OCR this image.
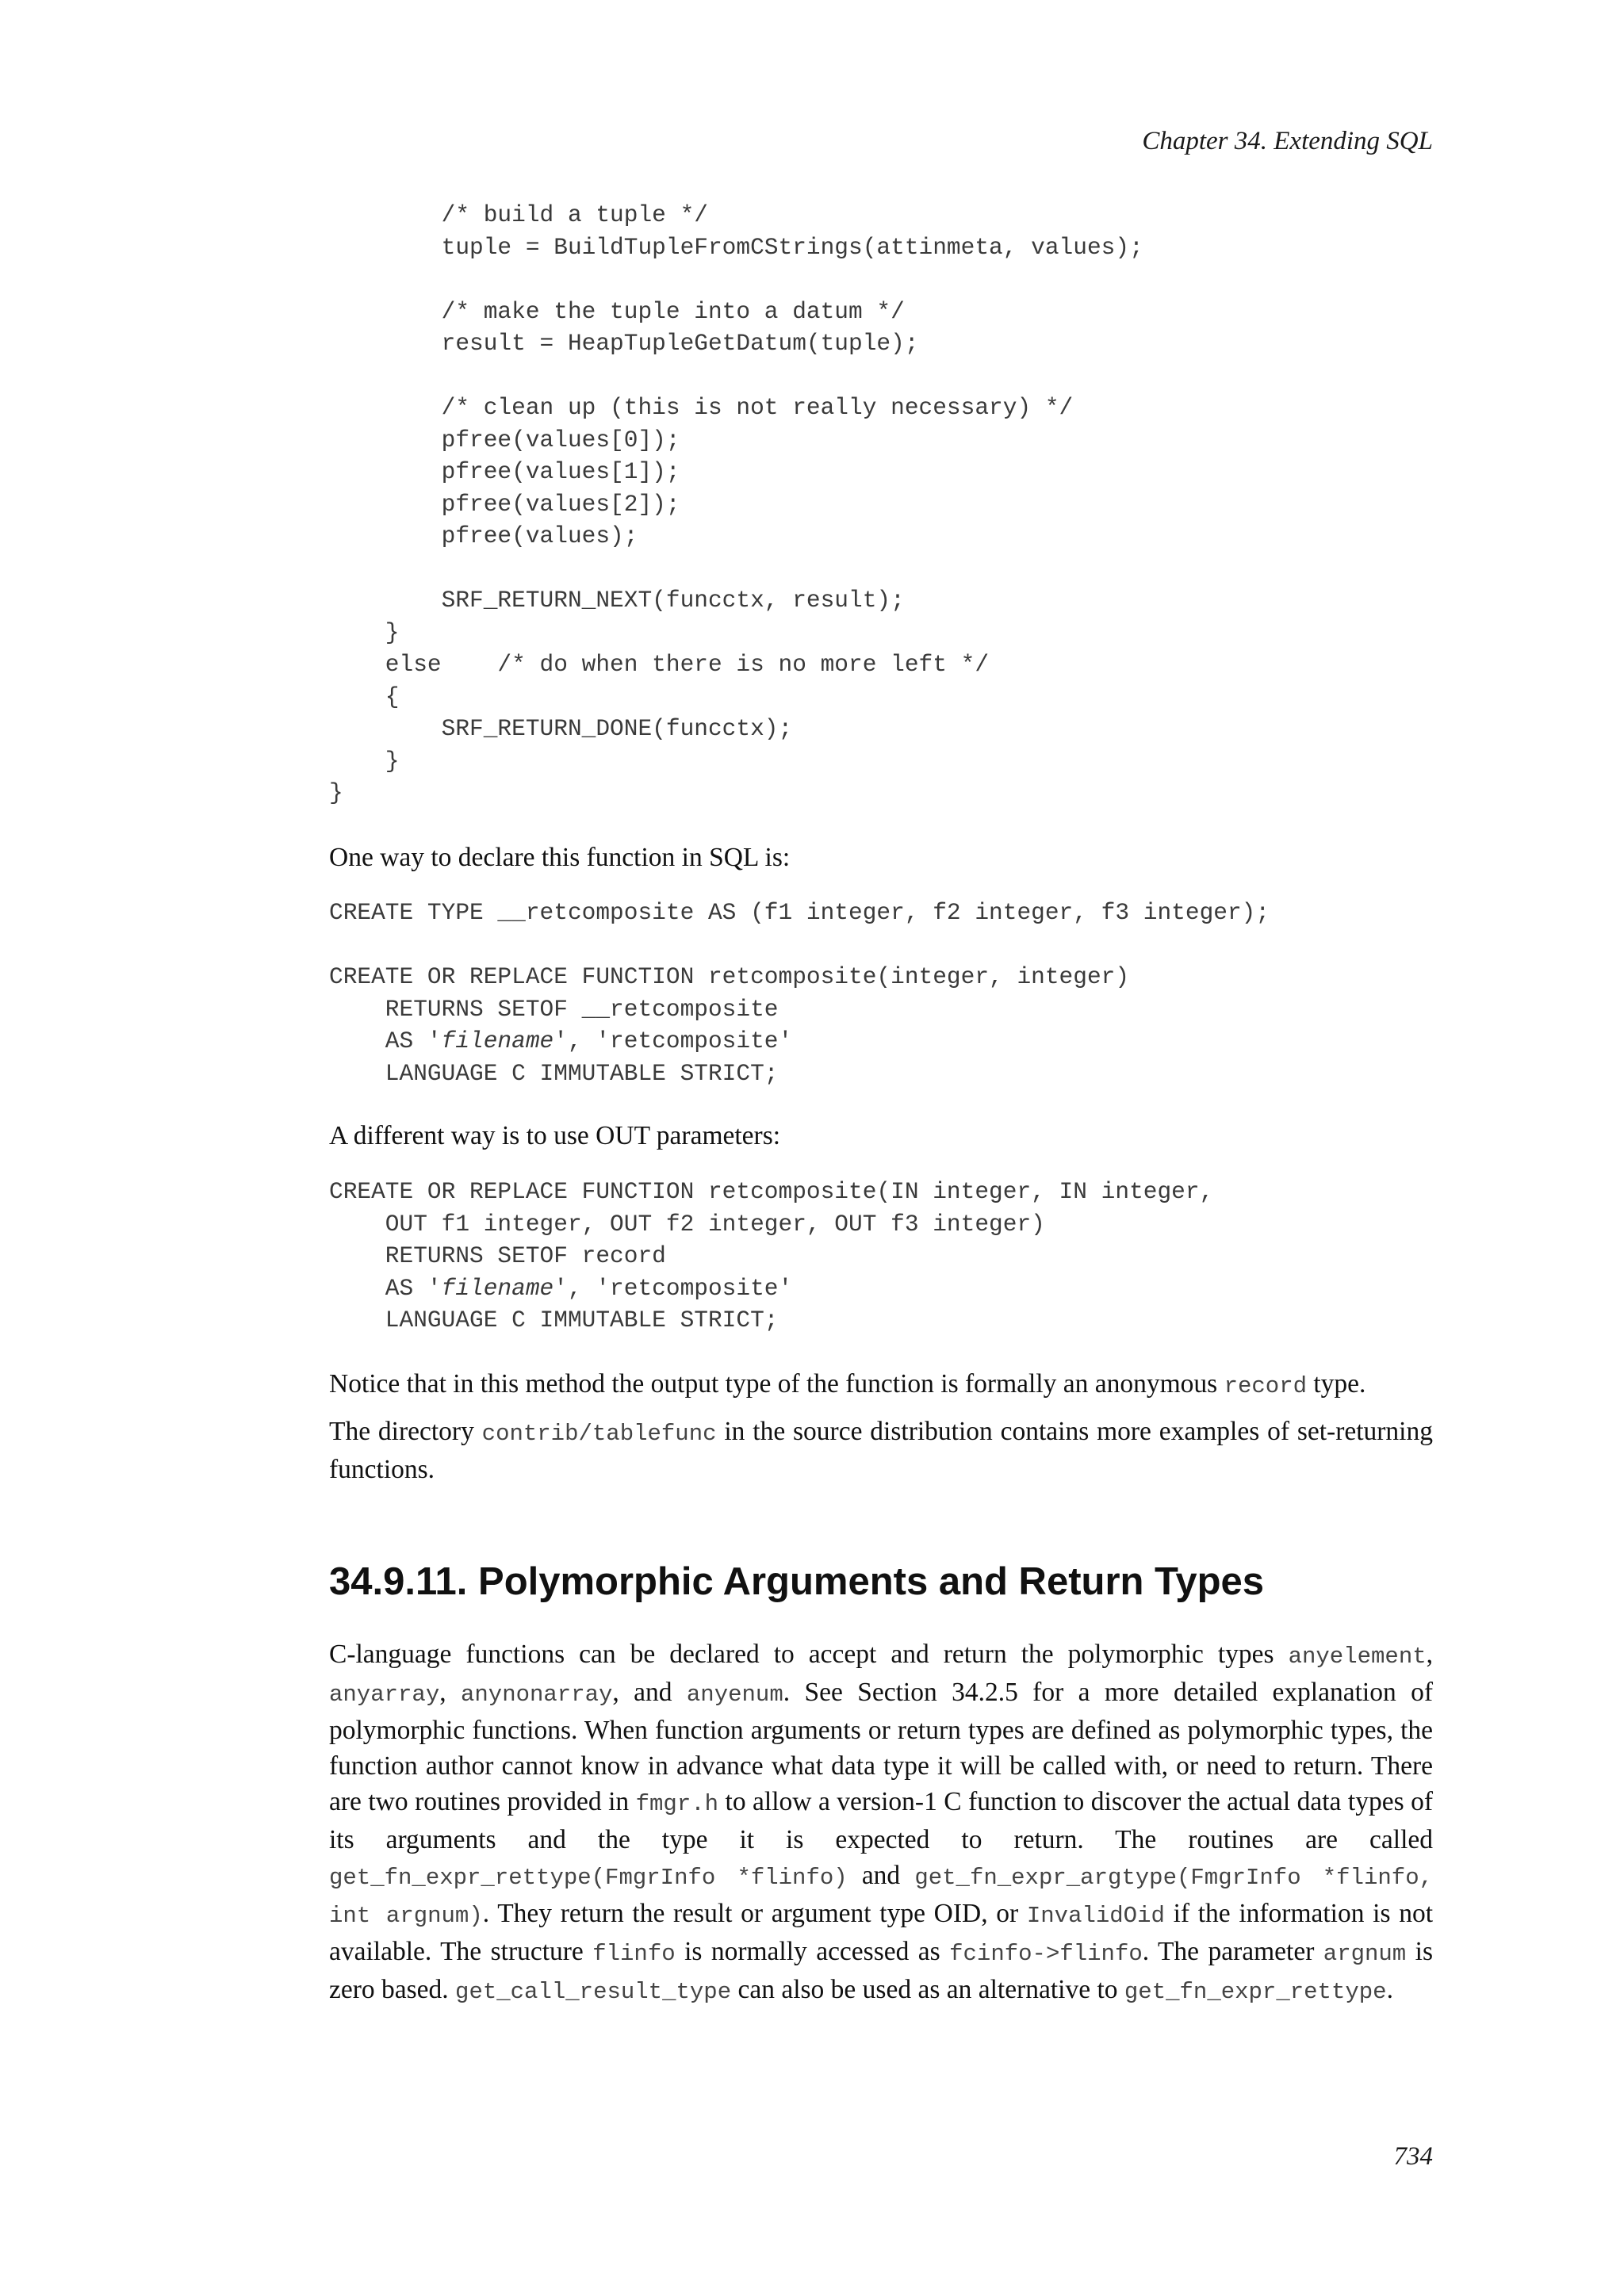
Chapter 34. Extending SQL
/* build a tuple */
tuple = BuildTupleFromCStrings(attinmeta, values);

/* make the tuple into a datum */
result = HeapTupleGetDatum(tuple);

/* clean up (this is not really necessary) */
pfree(values[0]);
pfree(values[1]);
pfree(values[2]);
pfree(values);

SRF_RETURN_NEXT(funcctx, result);
}
else    /* do when there is no more left */
{
SRF_RETURN_DONE(funcctx);
}
}

One way to declare this function in SQL is:

CREATE TYPE __retcomposite AS (f1 integer, f2 integer, f3 integer);

CREATE OR REPLACE FUNCTION retcomposite(integer, integer)
RETURNS SETOF __retcomposite
AS 'filename', 'retcomposite'
LANGUAGE C IMMUTABLE STRICT;

A different way is to use OUT parameters:

CREATE OR REPLACE FUNCTION retcomposite(IN integer, IN integer,
OUT f1 integer, OUT f2 integer, OUT f3 integer)
RETURNS SETOF record
AS 'filename', 'retcomposite'
LANGUAGE C IMMUTABLE STRICT;

Notice that in this method the output type of the function is formally an anonymous record type.

The directory contrib/tablefunc in the source distribution contains more examples of set-returning functions.

34.9.11. Polymorphic Arguments and Return Types

C-language functions can be declared to accept and return the polymorphic types anyelement, anyarray, anynonarray, and anyenum. See Section 34.2.5 for a more detailed explanation of polymorphic functions. When function arguments or return types are defined as polymorphic types, the function author cannot know in advance what data type it will be called with, or need to return. There are two routines provided in fmgr.h to allow a version-1 C function to discover the actual data types of its arguments and the type it is expected to return. The routines are called get_fn_expr_rettype(FmgrInfo *flinfo) and get_fn_expr_argtype(FmgrInfo *flinfo, int argnum). They return the result or argument type OID, or InvalidOid if the information is not available. The structure flinfo is normally accessed as fcinfo->flinfo. The parameter argnum is zero based. get_call_result_type can also be used as an alternative to get_fn_expr_rettype.

734
